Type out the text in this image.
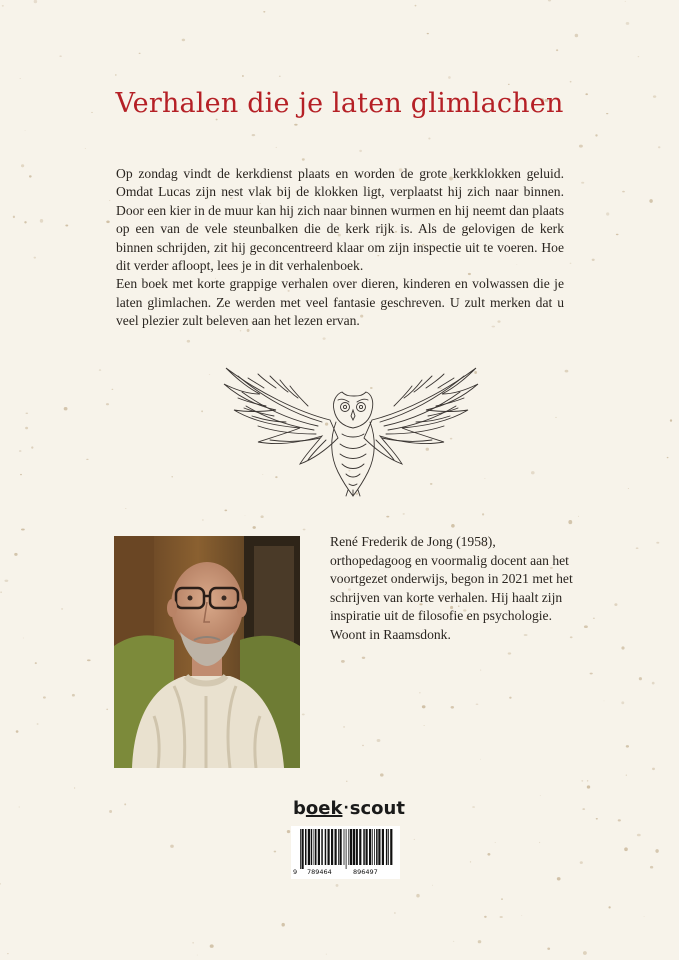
Verhalen die je laten glimlachen

Op zondag vindt de kerkdienst plaats en worden de grote kerkklokken geluid. Omdat Lucas zijn nest vlak bij de klokken ligt, verplaatst hij zich naar binnen. Door een kier in de muur kan hij zich naar binnen wurmen en hij neemt dan plaats op een van de vele steunbalken die de kerk rijk is. Als de gelovigen de kerk binnen schrijden, zit hij geconcentreerd klaar om zijn inspectie uit te voeren. Hoe dit verder afloopt, lees je in dit verhalenboek.

Een boek met korte grappige verhalen over dieren, kinderen en volwassen die je laten glimlachen. Ze werden met veel fantasie geschreven. U zult merken dat u veel plezier zult beleven aan het lezen ervan.

René Frederik de Jong (1958), orthopedagoog en voormalig docent aan het voortgezet onderwijs, begon in 2021 met het schrijven van korte verhalen. Hij haalt zijn inspiratie uit de filosofie en psychologie. Woont in Raamsdonk.
boek·scout
9 789464	896497
